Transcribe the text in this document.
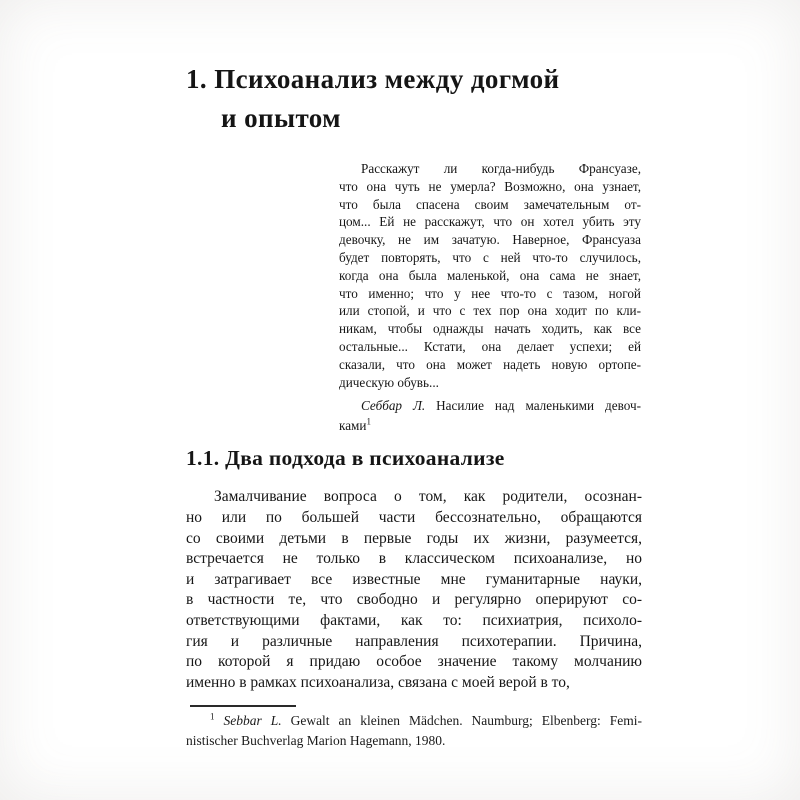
1. Психоанализ между догмой
и опытом
Расскажут ли когда-нибудь Франсуазе,
что она чуть не умерла? Возможно, она узнает,
что была спасена своим замечательным от-
цом... Ей не расскажут, что он хотел убить эту
девочку, не им зачатую. Наверное, Франсуаза
будет повторять, что с ней что-то случилось,
когда она была маленькой, она сама не знает,
что именно; что у нее что-то с тазом, ногой
или стопой, и что с тех пор она ходит по кли-
никам, чтобы однажды начать ходить, как все
остальные... Кстати, она делает успехи; ей
сказали, что она может надеть новую ортопе-
дическую обувь...
Себбар Л. Насилие над маленькими девоч-
ками$^1$
1.1. Два подхода в психоанализе
Замалчивание вопроса о том, как родители, осознан-
но или по большей части бессознательно, обращаются
со своими детьми в первые годы их жизни, разумеется,
встречается не только в классическом психоанализе, но
и затрагивает все известные мне гуманитарные науки,
в частности те, что свободно и регулярно оперируют со-
ответствующими фактами, как то: психиатрия, психоло-
гия и различные направления психотерапии. Причина,
по которой я придаю особое значение такому молчанию
именно в рамках психоанализа, связана с моей верой в то,
$^1$ Sebbar L. Gewalt an kleinen Mädchen. Naumburg; Elbenberg: Femi-
nistischer Buchverlag Marion Hagemann, 1980.
